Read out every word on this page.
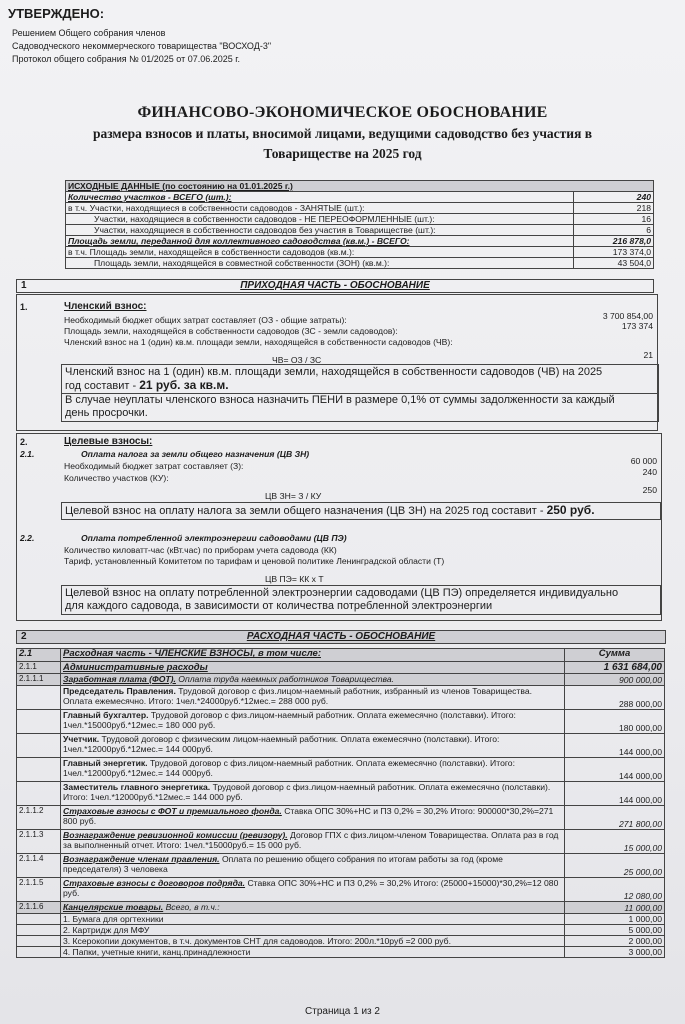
УТВЕРЖДЕНО:
Решением Общего собрания членов
Садоводческого некоммерческого товарищества "ВОСХОД-3"
Протокол общего собрания № 01/2025 от 07.06.2025 г.
ФИНАНСОВО-ЭКОНОМИЧЕСКОЕ ОБОСНОВАНИЕ
размера взносов и платы, вносимой лицами, ведущими садоводство без участия в
Товариществе на 2025 год
ИСХОДНЫЕ ДАННЫЕ (по состоянию на 01.01.2025 г.)	
Количество участков - ВСЕГО (шт.):	240
в т.ч. Участки, находящиеся в собственности садоводов - ЗАНЯТЫЕ (шт.):	218
Участки, находящиеся в собственности садоводов - НЕ ПЕРЕОФОРМЛЕННЫЕ (шт.):	16
Участки, находящиеся в собственности садоводов без участия в Товариществе (шт.):	6
Площадь земли, переданной для коллективного садоводства (кв.м.) - ВСЕГО:	216 878,0
в т.ч. Площадь земли, находящейся в собственности садоводов (кв.м.):	173 374,0
Площадь земли, находящейся в совместной собственности (ЗОН) (кв.м.):	43 504,0
1	ПРИХОДНАЯ ЧАСТЬ - ОБОСНОВАНИЕ
1.	Членский взнос:
Необходимый бюджет общих затрат составляет (ОЗ - общие затраты):	3 700 854,00
Площадь земли, находящейся в собственности садоводов (ЗС - земли садоводов):	173 374
Членский взнос на 1 (один) кв.м. площади земли, находящейся в собственности садоводов (ЧВ):
ЧВ= ОЗ / ЗС	21
Членский взнос на 1 (один) кв.м. площади земли, находящейся в собственности садоводов (ЧВ) на 2025
год составит - 21 руб. за кв.м.
В случае неуплаты членского взноса назначить ПЕНИ в размере 0,1% от суммы задолженности за каждый
день просрочки.
2.	Целевые взносы:
2.1.	Оплата налога за земли общего назначения (ЦВ ЗН)
Необходимый бюджет затрат составляет (З):	60 000
Количество участков (КУ):
240
ЦВ ЗН= З / КУ
250
Целевой взнос на оплату налога за земли общего назначения (ЦВ ЗН) на 2025 год составит - 250 руб.
2.2.	Оплата потребленной электроэнергии садоводами (ЦВ ПЭ)
Количество киловатт-час (кВт.час) по приборам учета садовода (КК)
Тариф, установленный Комитетом по тарифам и ценовой политике Ленинградской области (Т)
ЦВ ПЭ= КК х Т
Целевой взнос на оплату потребленной электроэнергии садоводами (ЦВ ПЭ) определяется индивидуально
для каждого садовода, в зависимости от количества потребленной электроэнергии
2	РАСХОДНАЯ ЧАСТЬ - ОБОСНОВАНИЕ
2.1	Расходная часть - ЧЛЕНСКИЕ ВЗНОСЫ, в том числе:	Сумма
2.1.1	Административные расходы	1 631 684,00
2.1.1.1	Заработная плата (ФОТ). Оплата труда наемных работников Товарищества.	900 000,00
	Председатель Правления. Трудовой договор с физ.лицом-наемный работник, избранный из членов Товарищества. Оплата ежемесячно. Итого: 1чел.*24000руб.*12мес.= 288 000 руб.	288 000,00
	Главный бухгалтер. Трудовой договор с физ.лицом-наемный работник. Оплата ежемесячно (полставки). Итого: 1чел.*15000руб.*12мес.= 180 000 руб.	180 000,00
	Учетчик. Трудовой договор с физическим лицом-наемный работник. Оплата ежемесячно (полставки). Итого: 1чел.*12000руб.*12мес.= 144 000руб.	144 000,00
	Главный энергетик. Трудовой договор с физ.лицом-наемный работник. Оплата ежемесячно (полставки). Итого: 1чел.*12000руб.*12мес.= 144 000руб.	144 000,00
	Заместитель главного энергетика. Трудовой договор с физ.лицом-наемный работник. Оплата ежемесячно (полставки). Итого: 1чел.*12000руб.*12мес.= 144 000 руб.	144 000,00
2.1.1.2	Страховые взносы с ФОТ и премиального фонда. Ставка ОПС 30%+НС и ПЗ 0,2% = 30,2% Итого: 900000*30,2%=271 800 руб.	271 800,00
2.1.1.3	Вознаграждение ревизионной комиссии (ревизору). Договор ГПХ с физ.лицом-членом Товарищества. Оплата раз в год за выполненный отчет. Итого: 1чел.*15000руб.= 15 000 руб.	15 000,00
2.1.1.4	Вознаграждение членам правления. Оплата по решению общего собрания по итогам работы за год (кроме председателя) 3 человека	25 000,00
2.1.1.5	Страховые взносы с договоров подряда. Ставка ОПС 30%+НС и ПЗ 0,2% = 30,2% Итого: (25000+15000)*30,2%=12 080 руб.	12 080,00
2.1.1.6	Канцелярские товары. Всего, в т.ч.:	11 000,00
	1. Бумага для оргтехники	1 000,00
	2. Картридж для МФУ	5 000,00
	3. Ксерокопии документов, в т.ч. документов СНТ для садоводов. Итого: 200л.*10руб =2 000 руб.	2 000,00
	4. Папки, учетные книги, канц.принадлежности	3 000,00
Страница 1 из 2
